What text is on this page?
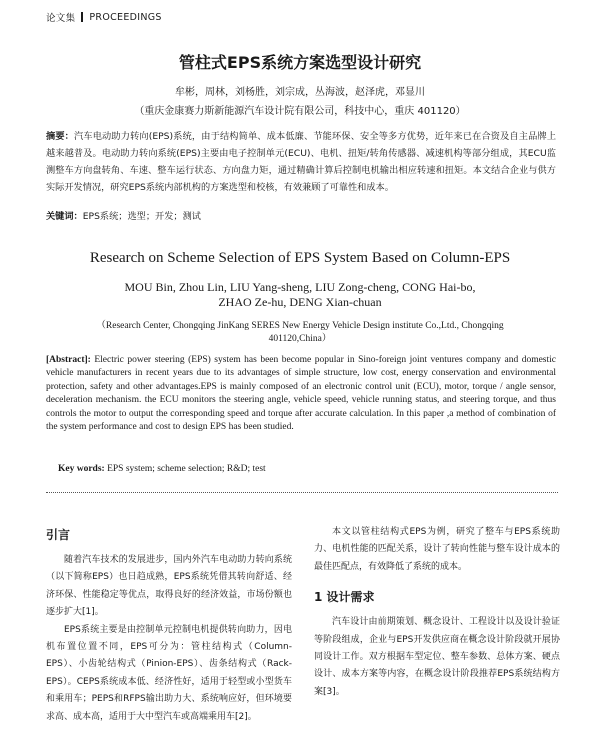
论文集 PROCEEDINGS
管柱式EPS系统方案选型设计研究
牟彬，周林，刘杨胜，刘宗成，丛海波，赵泽虎，邓显川
（重庆金康赛力斯新能源汽车设计院有限公司，科技中心，重庆 401120）
摘要：汽车电动助力转向(EPS)系统，由于结构简单、成本低廉、节能环保、安全等多方优势，近年来已在合资及自主品牌上越来越普及。电动助力转向系统(EPS)主要由电子控制单元(ECU)、电机、扭矩/转角传感器、减速机构等部分组成，其ECU监测整车方向盘转角、车速、整车运行状态、方向盘力矩，通过精确计算后控制电机输出相应转速和扭矩。本文结合企业与供方实际开发情况，研究EPS系统内部机构的方案选型和校核，有效兼顾了可靠性和成本。
关键词：EPS系统；选型；开发；测试
Research on Scheme Selection of EPS System Based on Column-EPS
MOU Bin, Zhou Lin, LIU Yang-sheng, LIU Zong-cheng, CONG Hai-bo, ZHAO Ze-hu, DENG Xian-chuan
（Research Center, Chongqing JinKang SERES New Energy Vehicle Design institute Co.,Ltd., Chongqing 401120,China）
[Abstract]: Electric power steering (EPS) system has been become popular in Sino-foreign joint ventures company and domestic vehicle manufacturers in recent years due to its advantages of simple structure, low cost, energy conservation and environmental protection, safety and other advantages.EPS is mainly composed of an electronic control unit (ECU), motor, torque / angle sensor, deceleration mechanism. the ECU monitors the steering angle, vehicle speed, vehicle running status, and steering torque, and thus controls the motor to output the corresponding speed and torque after accurate calculation. In this paper ,a method of combination of the system performance and cost to design EPS has been studied.
Key words: EPS system; scheme selection; R&D; test
引言

随着汽车技术的发展进步，国内外汽车电动助力转向系统（以下简称EPS）也日趋成熟，EPS系统凭借其转向舒适、经济环保、性能稳定等优点，取得良好的经济效益，市场份额也逐步扩大[1]。

EPS系统主要是由控制单元控制电机提供转向助力，因电机布置位置不同，EPS可分为：管柱结构式（Column-EPS）、小齿轮结构式（Pinion-EPS）、齿条结构式（Rack-EPS）。CEPS系统成本低、经济性好，适用于轻型或小型货车和乘用车；PEPS和RFPS输出助力大、系统响应好，但环境要求高、成本高，适用于大中型汽车或高端乘用车[2]。

本文以管柱结构式EPS为例，研究了整车与EPS系统助力、电机性能的匹配关系，设计了转向性能与整车设计成本的最佳匹配点，有效降低了系统的成本。

1 设计需求

汽车设计由前期策划、概念设计、工程设计以及设计验证等阶段组成，企业与EPS开发供应商在概念设计阶段就开展协同设计工作。双方根据车型定位、整车参数、总体方案、硬点设计、成本方案等内容，在概念设计阶段推荐EPS系统结构方案[3]。
